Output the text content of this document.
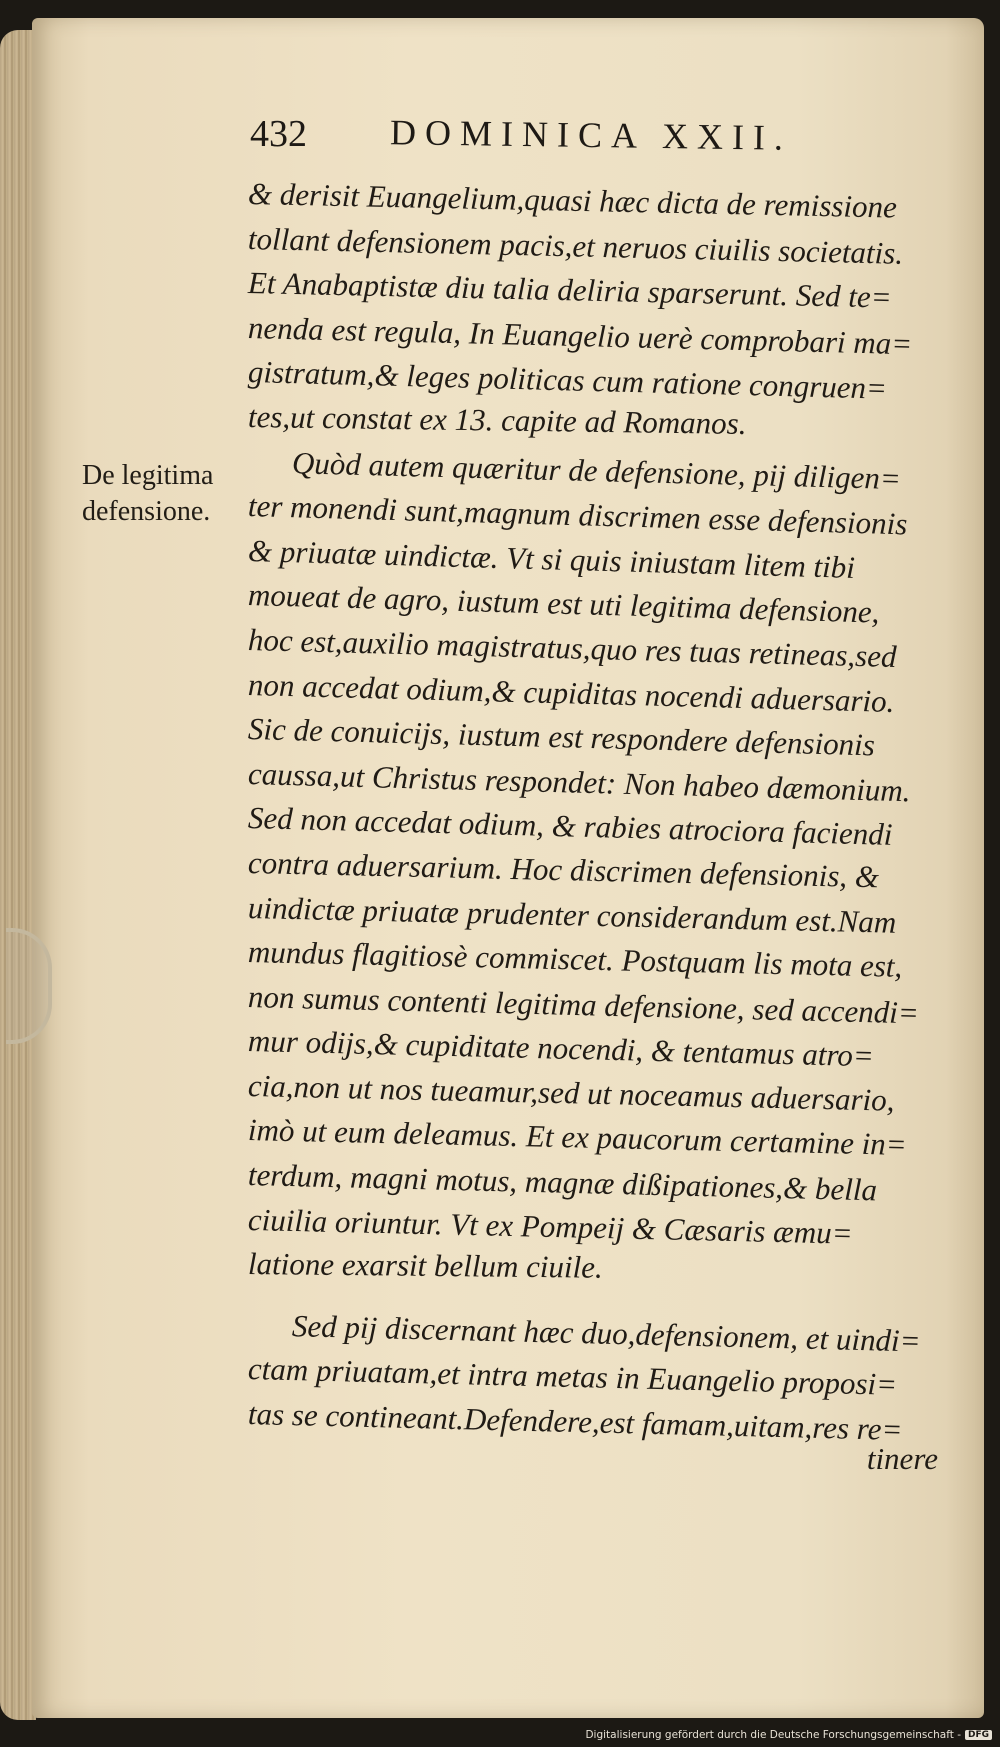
432 DOMINICA XXII.
De legitima
defensione.
& derisit Euangelium,quasi hæc dicta de remissione
tollant defensionem pacis,et neruos ciuilis societatis.
Et Anabaptistæ diu talia deliria sparserunt. Sed te=
nenda est regula, In Euangelio uerè comprobari ma=
gistratum,& leges politicas cum ratione congruen=
tes,ut constat ex 13. capite ad Romanos.
Quòd autem quæritur de defensione, pij diligen=
ter monendi sunt,magnum discrimen esse defensionis
& priuatæ uindictæ. Vt si quis iniustam litem tibi
moueat de agro, iustum est uti legitima defensione,
hoc est,auxilio magistratus,quo res tuas retineas,sed
non accedat odium,& cupiditas nocendi aduersario.
Sic de conuicijs, iustum est respondere defensionis
caussa,ut Christus respondet: Non habeo dæmonium.
Sed non accedat odium, & rabies atrociora faciendi
contra aduersarium. Hoc discrimen defensionis, &
uindictæ priuatæ prudenter considerandum est.Nam
mundus flagitiosè commiscet. Postquam lis mota est,
non sumus contenti legitima defensione, sed accendi=
mur odijs,& cupiditate nocendi, & tentamus atro=
cia,non ut nos tueamur,sed ut noceamus aduersario,
imò ut eum deleamus. Et ex paucorum certamine in=
terdum, magni motus, magnæ dißipationes,& bella
ciuilia oriuntur. Vt ex Pompeij & Cæsaris æmu=
latione exarsit bellum ciuile.
Sed pij discernant hæc duo,defensionem, et uindi=
ctam priuatam,et intra metas in Euangelio proposi=
tas se contineant.Defendere,est famam,uitam,res re=
tinere
Digitalisierung gefördert durch die Deutsche Forschungsgemeinschaft - DFG
